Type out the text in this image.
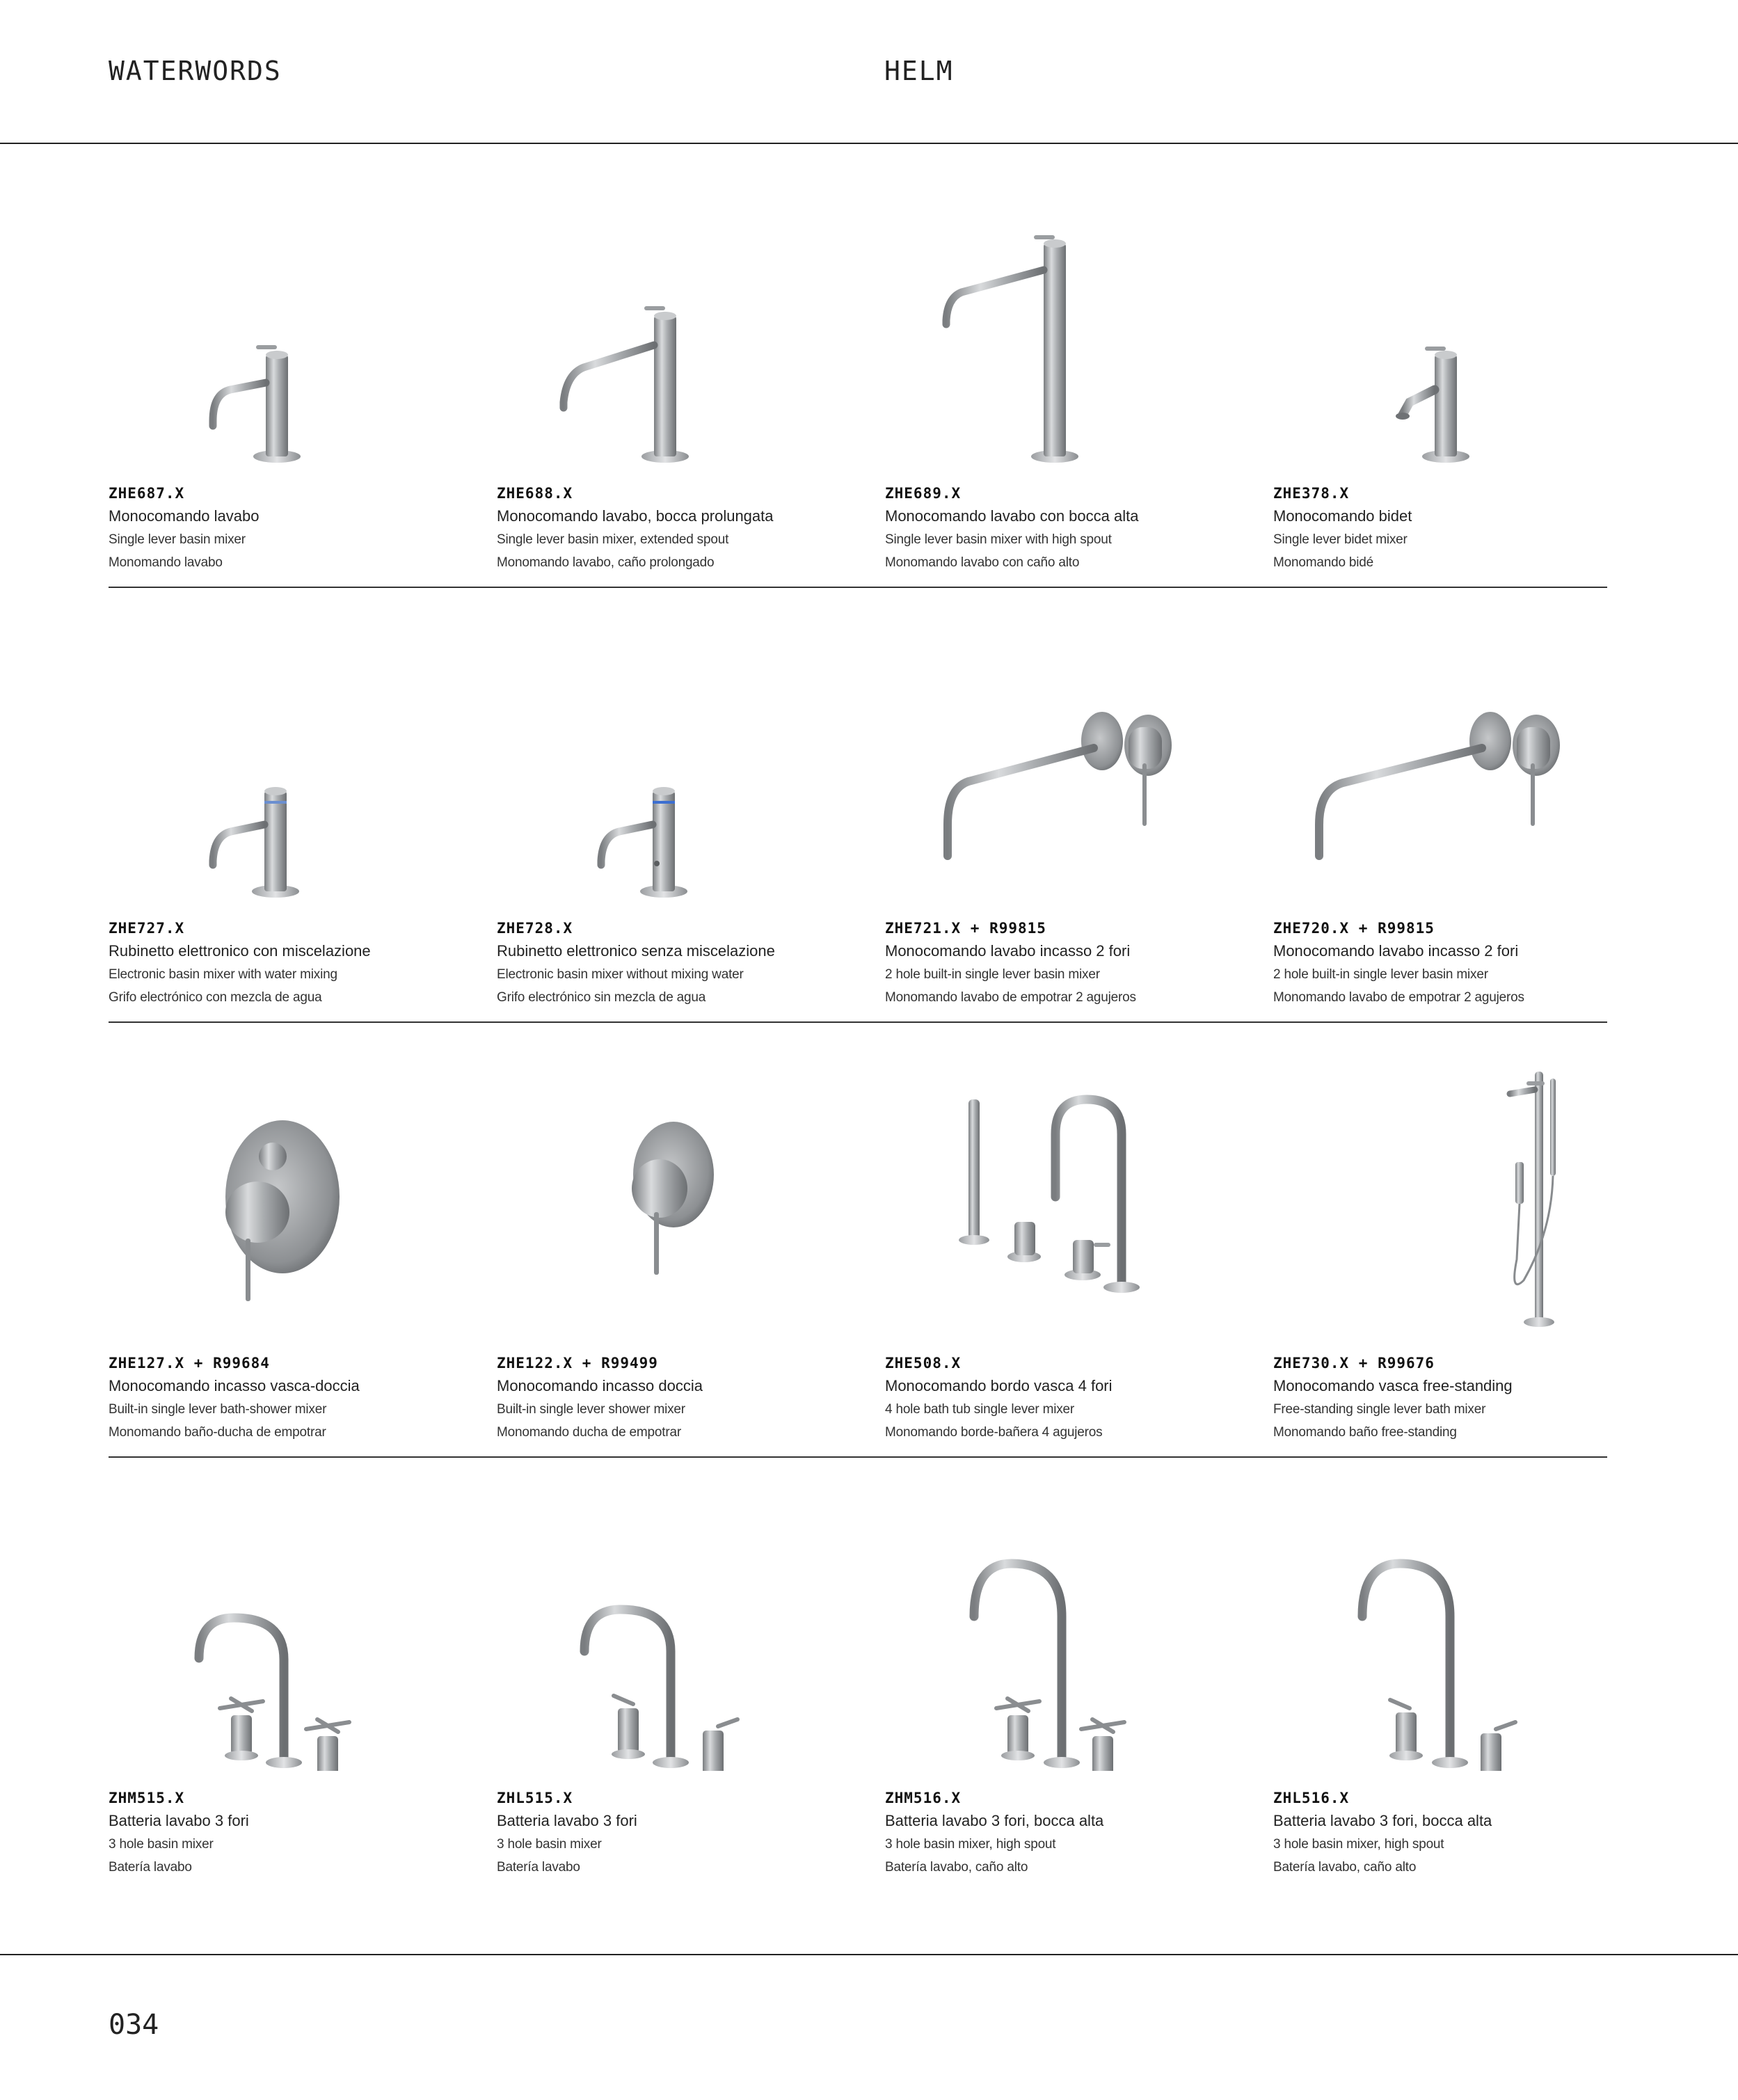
WATERWORDS	HELM
ZHE687.X
Monocomando lavabo
Single lever basin mixer
Monomando lavabo
ZHE688.X
Monocomando lavabo, bocca prolungata
Single lever basin mixer, extended spout
Monomando lavabo, caño prolongado
ZHE689.X
Monocomando lavabo con bocca alta
Single lever basin mixer with high spout
Monomando lavabo con caño alto
ZHE378.X
Monocomando bidet
Single lever bidet mixer
Monomando bidé
ZHE727.X
Rubinetto elettronico con miscelazione
Electronic basin mixer with water mixing
Grifo electrónico con mezcla de agua
ZHE728.X
Rubinetto elettronico senza miscelazione
Electronic basin mixer without mixing water
Grifo electrónico sin mezcla de agua
ZHE721.X + R99815
Monocomando lavabo incasso 2 fori
2 hole built-in single lever basin mixer
Monomando lavabo de empotrar 2 agujeros
ZHE720.X + R99815
Monocomando lavabo incasso 2 fori
2 hole built-in single lever basin mixer
Monomando lavabo de empotrar 2 agujeros
ZHE127.X + R99684
Monocomando incasso vasca-doccia
Built-in single lever bath-shower mixer
Monomando baño-ducha de empotrar
ZHE122.X + R99499
Monocomando incasso doccia
Built-in single lever shower mixer
Monomando ducha de empotrar
ZHE508.X
Monocomando bordo vasca 4 fori
4 hole bath tub single lever mixer
Monomando borde-bañera 4 agujeros
ZHE730.X + R99676
Monocomando vasca free-standing
Free-standing single lever bath mixer
Monomando baño free-standing
ZHM515.X
Batteria lavabo 3 fori
3 hole basin mixer
Batería lavabo
ZHL515.X
Batteria lavabo 3 fori
3 hole basin mixer
Batería lavabo
ZHM516.X
Batteria lavabo 3 fori, bocca alta
3 hole basin mixer, high spout
Batería lavabo, caño alto
ZHL516.X
Batteria lavabo 3 fori, bocca alta
3 hole basin mixer, high spout
Batería lavabo, caño alto
034
